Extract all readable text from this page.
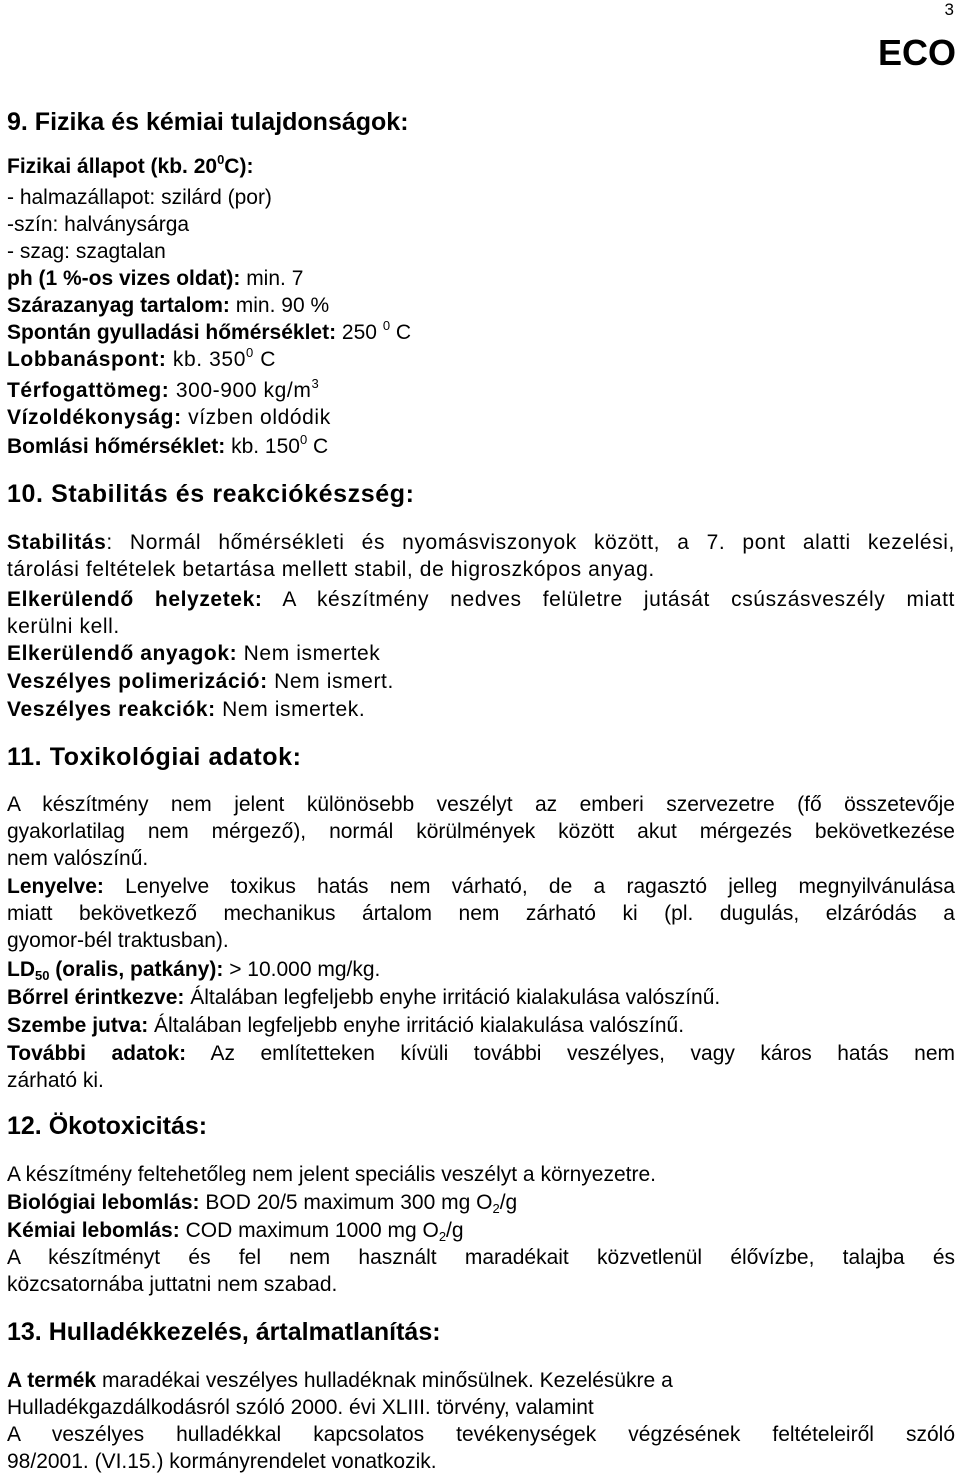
3
ECO
9. Fizika és kémiai tulajdonságok:
Fizikai állapot (kb. $20^0C$):
- halmazállapot: szilárd (por)
-szín: halványsárga
- szag: szagtalan
ph (1 %-os vizes oldat): min. 7
Szárazanyag tartalom: min. 90 %
Spontán gyulladási hőmérséklet: 250 $^0$ C
Lobbanáspont: kb. $350^0$ C
Térfogattömeg: 300-900 $kg/m^3$
Vízoldékonyság: vízben oldódik
Bomlási hőmérséklet: kb. $150^0$ C
10. Stabilitás és reakciókészség:
Stabilitás: Normál hőmérsékleti és nyomásviszonyok között, a 7. pont alatti kezelési,
tárolási feltételek betartása mellett stabil, de higroszkópos anyag.
Elkerülendő helyzetek: A készítmény nedves felületre jutását csúszásveszély miatt
kerülni kell.
Elkerülendő anyagok: Nem ismertek
Veszélyes polimerizáció: Nem ismert.
Veszélyes reakciók: Nem ismertek.
11. Toxikológiai adatok:
A készítmény nem jelent különösebb veszélyt az emberi szervezetre (fő összetevője
gyakorlatilag nem mérgező), normál körülmények között akut mérgezés bekövetkezése
nem valószínű.
Lenyelve: Lenyelve toxikus hatás nem várható, de a ragasztó jelleg megnyilvánulása
miatt bekövetkező mechanikus ártalom nem zárható ki (pl. dugulás, elzáródás a
gyomor-bél traktusban).
$LD_{50}$ (oralis, patkány): > 10.000 mg/kg.
Bőrrel érintkezve: Általában legfeljebb enyhe irritáció kialakulása valószínű.
Szembe jutva: Általában legfeljebb enyhe irritáció kialakulása valószínű.
További adatok: Az említetteken kívüli további veszélyes, vagy káros hatás nem
zárható ki.
12. Ökotoxicitás:
A készítmény feltehetőleg nem jelent speciális veszélyt a környezetre.
Biológiai lebomlás: BOD 20/5 maximum 300 mg $O_2/g$
Kémiai lebomlás: COD maximum 1000 mg $O_2/g$
A készítményt és fel nem használt maradékait közvetlenül élővízbe, talajba és
közcsatornába juttatni nem szabad.
13. Hulladékkezelés, ártalmatlanítás:
A termék maradékai veszélyes hulladéknak minősülnek. Kezelésükre a
Hulladékgazdálkodásról szóló 2000. évi XLIII. törvény, valamint
A veszélyes hulladékkal kapcsolatos tevékenységek végzésének feltételeiről szóló
98/2001. (VI.15.) kormányrendelet vonatkozik.
